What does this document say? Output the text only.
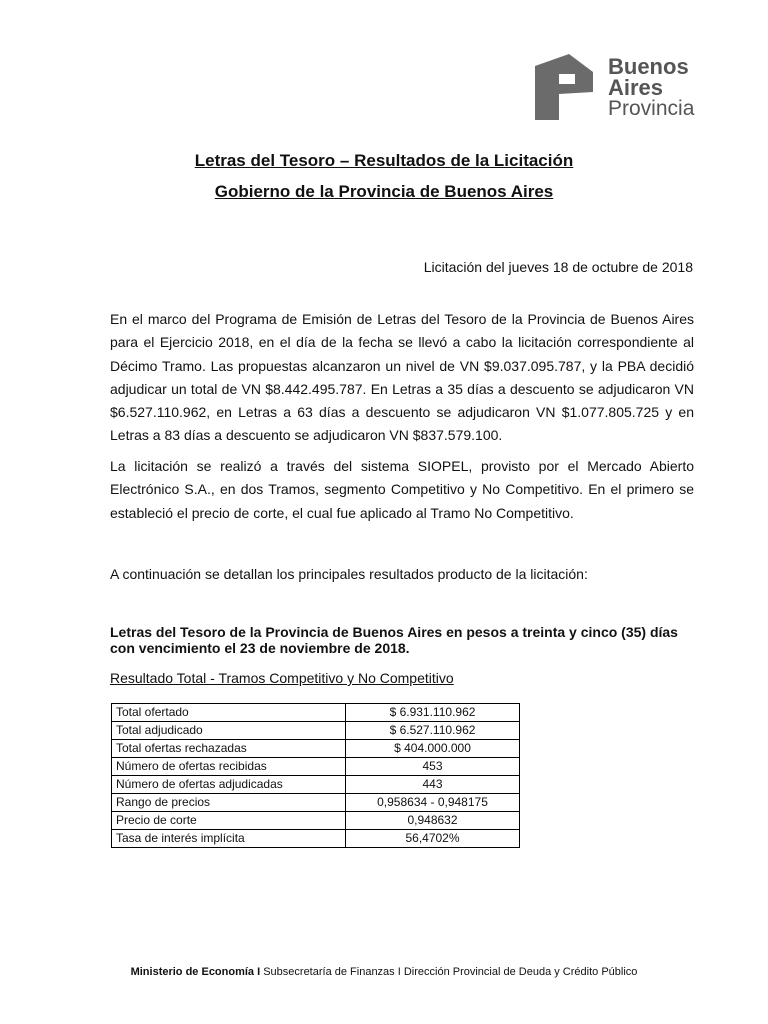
Buenos
Aires
Provincia
Letras del Tesoro – Resultados de la Licitación
Gobierno de la Provincia de Buenos Aires
Licitación del jueves 18 de octubre de 2018

En el marco del Programa de Emisión de Letras del Tesoro de la Provincia de Buenos Aires para el Ejercicio 2018, en el día de la fecha se llevó a cabo la licitación correspondiente al Décimo Tramo. Las propuestas alcanzaron un nivel de VN $9.037.095.787, y la PBA decidió adjudicar un total de VN $8.442.495.787. En Letras a 35 días a descuento se adjudicaron VN $6.527.110.962, en Letras a 63 días a descuento se adjudicaron VN $1.077.805.725 y en Letras a 83 días a descuento se adjudicaron VN $837.579.100.

La licitación se realizó a través del sistema SIOPEL, provisto por el Mercado Abierto Electrónico S.A., en dos Tramos, segmento Competitivo y No Competitivo. En el primero se estableció el precio de corte, el cual fue aplicado al Tramo No Competitivo.

A continuación se detallan los principales resultados producto de la licitación:

Letras del Tesoro de la Provincia de Buenos Aires en pesos a treinta y cinco (35) días con vencimiento el 23 de noviembre de 2018.
Resultado Total - Tramos Competitivo y No Competitivo
Total ofertado	$ 6.931.110.962
Total adjudicado	$ 6.527.110.962
Total ofertas rechazadas	$ 404.000.000
Número de ofertas recibidas	453
Número de ofertas adjudicadas	443
Rango de precios	0,958634 - 0,948175
Precio de corte	0,948632
Tasa de interés implícita	56,4702%
Ministerio de Economía I Subsecretaría de Finanzas I Dirección Provincial de Deuda y Crédito Público
